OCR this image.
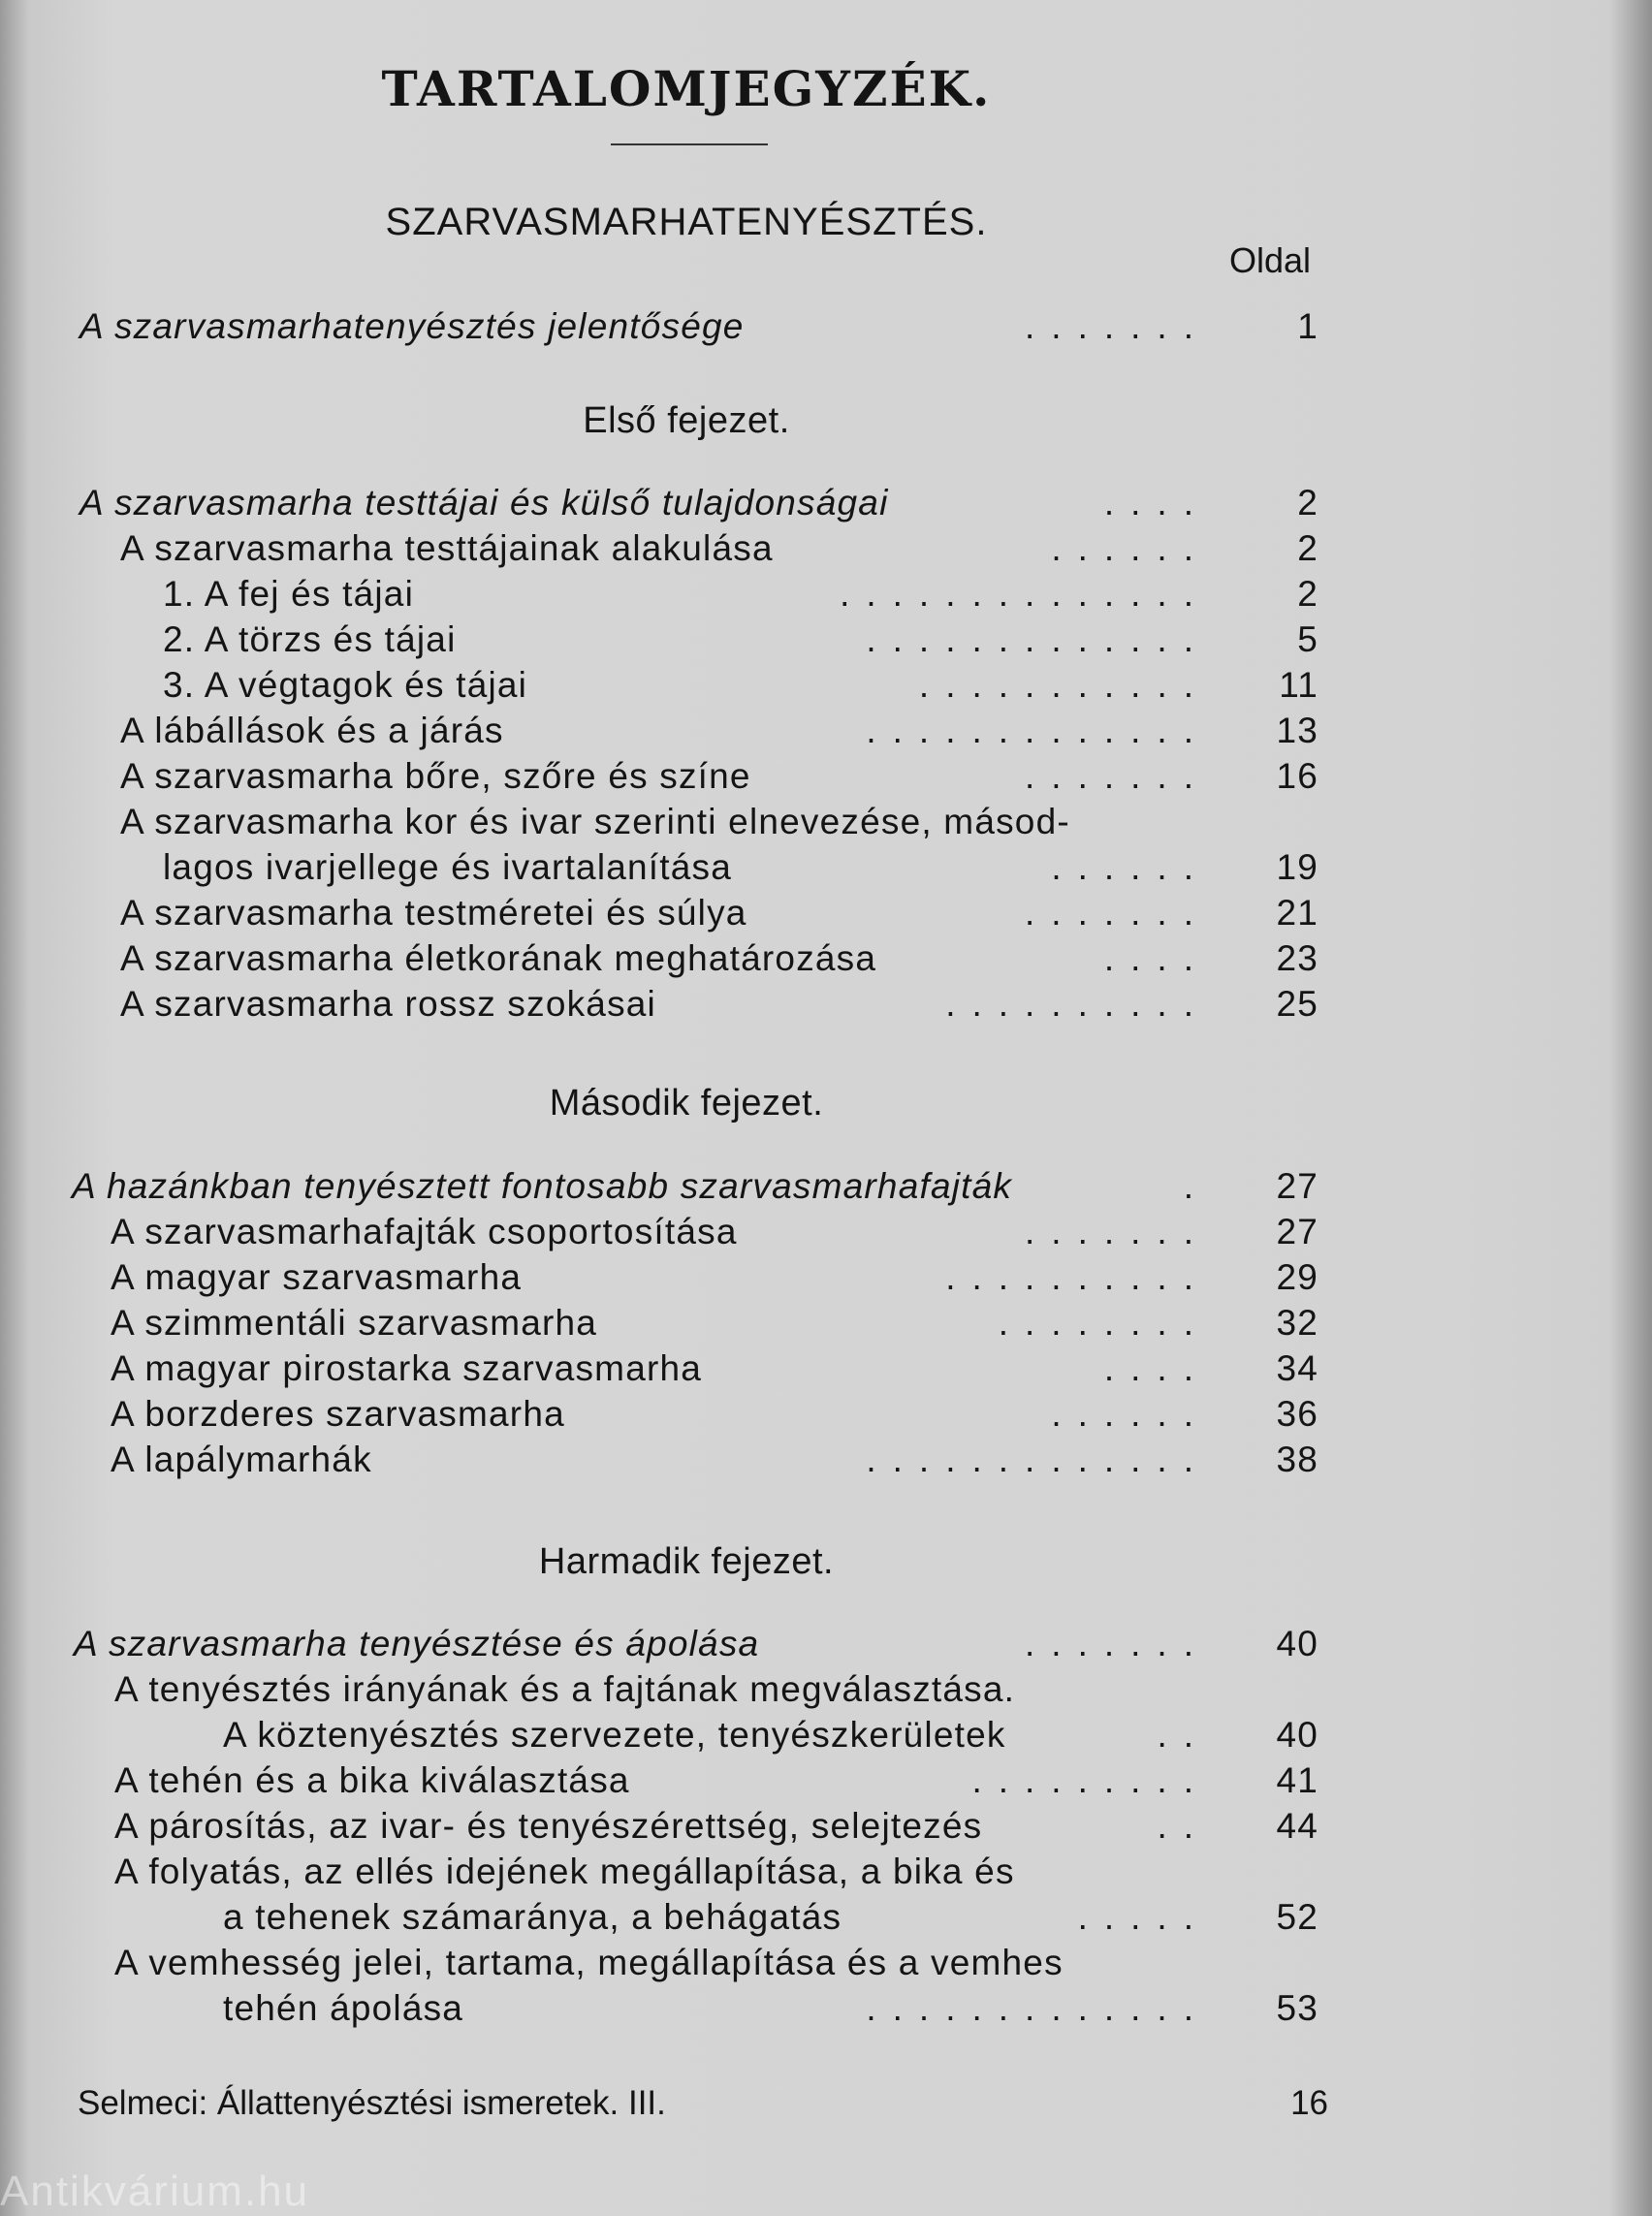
TARTALOMJEGYZÉK.
SZARVASMARHATENYÉSZTÉS.
Oldal
A szarvasmarhatenyésztés jelentősége	.......	1
Első fejezet.
A szarvasmarha testtájai és külső tulajdonságai	....	2
A szarvasmarha testtájainak alakulása	......	2
1. A fej és tájai	..............	2
2. A törzs és tájai	.............	5
3. A végtagok és tájai	...........	11
A lábállások és a járás	.............	13
A szarvasmarha bőre, szőre és színe	.......	16
A szarvasmarha kor és ivar szerinti elnevezése, másod-
lagos ivarjellege és ivartalanítása	......	19
A szarvasmarha testméretei és súlya	.......	21
A szarvasmarha életkorának meghatározása	....	23
A szarvasmarha rossz szokásai	..........	25
Második fejezet.
A hazánkban tenyésztett fontosabb szarvasmarhafajták	.	27
A szarvasmarhafajták csoportosítása	.......	27
A magyar szarvasmarha	..........	29
A szimmentáli szarvasmarha	........	32
A magyar pirostarka szarvasmarha	....	34
A borzderes szarvasmarha	......	36
A lapálymarhák	.............	38
Harmadik fejezet.
A szarvasmarha tenyésztése és ápolása	.......	40
A tenyésztés irányának és a fajtának megválasztása.
A köztenyésztés szervezete, tenyészkerületek	..	40
A tehén és a bika kiválasztása	.........	41
A párosítás, az ivar- és tenyészérettség, selejtezés	..	44
A folyatás, az ellés idejének megállapítása, a bika és
a tehenek számaránya, a behágatás	.....	52
A vemhesség jelei, tartama, megállapítása és a vemhes
tehén ápolása	.............	53
Selmeci: Állattenyésztési ismeretek. III.	16
Antikvárium.hu
